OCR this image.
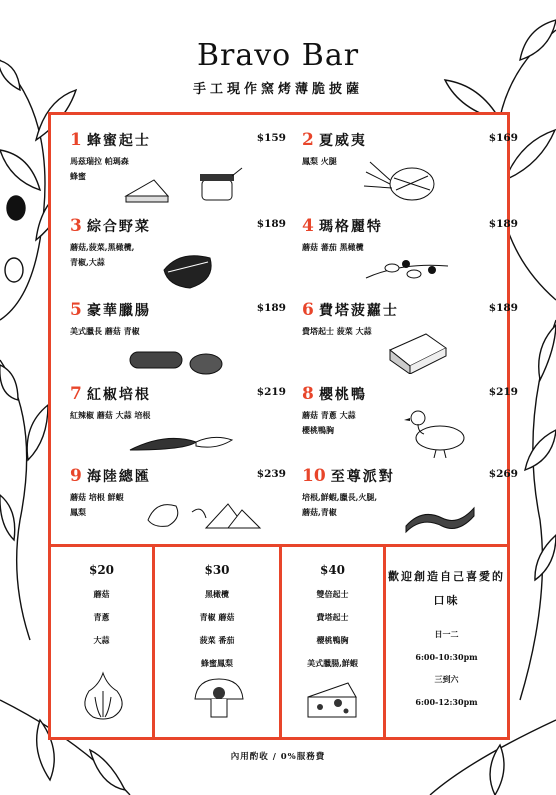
Bravo Bar
手工現作窯烤薄脆披薩
1 蜂蜜起士	$159
馬茲瑞拉 帕瑪森
蜂蜜
2 夏威夷	$169
鳳梨 火腿
3 綜合野菜	$189
蘑菇,菠菜,黑橄欖,
青椒,大蒜
4 瑪格麗特	$189
蘑菇 蕃茄 黑橄欖
5 豪華臘腸	$189
美式臘長 蘑菇 青椒
6 費塔菠蘿士	$189
費塔起士 菠菜 大蒜
7 紅椒培根	$219
紅辣椒 蘑菇 大蒜 培根
8 櫻桃鴨	$219
蘑菇 青蔥 大蒜
櫻桃鴨胸
9 海陸總匯	$239
蘑菇 培根 鮮蝦
鳳梨
10 至尊派對	$269
培根,鮮蝦,臘長,火腿,
蘑菇,青椒
$20
蘑菇
青蔥
大蒜
$30
黑橄欖
青椒 蘑菇
菠菜 番茄
蜂蜜鳳梨
$40
雙倍起士
費塔起士
櫻桃鴨胸
美式臘腸,鮮蝦
歡迎創造自己喜愛的口味
日一二
6:00-10:30pm
三到六
6:00-12:30pm
內用酌收 / 0%服務費
